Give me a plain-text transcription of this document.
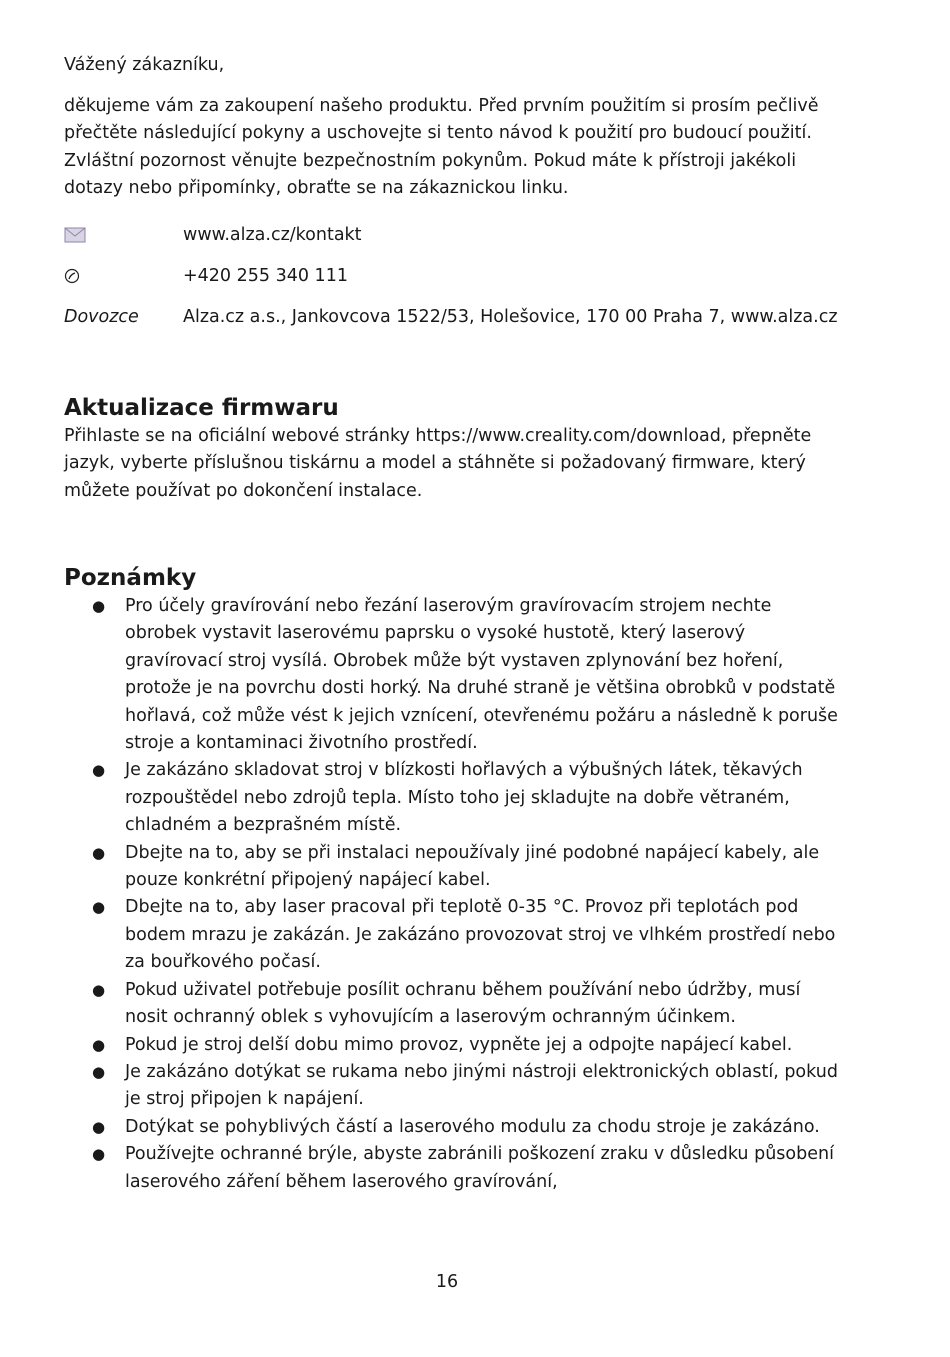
Vážený zákazníku,

děkujeme vám za zakoupení našeho produktu. Před prvním použitím si prosím pečlivě přečtěte následující pokyny a uschovejte si tento návod k použití pro budoucí použití. Zvláštní pozornost věnujte bezpečnostním pokynům. Pokud máte k přístroji jakékoli dotazy nebo připomínky, obraťte se na zákaznickou linku.

www.alza.cz/kontakt
+420 255 340 111
Dovozce	Alza.cz a.s., Jankovcova 1522/53, Holešovice, 170 00 Praha 7, www.alza.cz
Aktualizace firmwaru

Přihlaste se na oficiální webové stránky https://www.creality.com/download, přepněte jazyk, vyberte příslušnou tiskárnu a model a stáhněte si požadovaný firmware, který můžete používat po dokončení instalace.

Poznámky
● Pro účely gravírování nebo řezání laserovým gravírovacím strojem nechte obrobek vystavit laserovému paprsku o vysoké hustotě, který laserový gravírovací stroj vysílá. Obrobek může být vystaven zplynování bez hoření, protože je na povrchu dosti horký. Na druhé straně je většina obrobků v podstatě hořlavá, což může vést k jejich vznícení, otevřenému požáru a následně k poruše stroje a kontaminaci životního prostředí.
● Je zakázáno skladovat stroj v blízkosti hořlavých a výbušných látek, těkavých rozpouštědel nebo zdrojů tepla. Místo toho jej skladujte na dobře větraném, chladném a bezprašném místě.
● Dbejte na to, aby se při instalaci nepoužívaly jiné podobné napájecí kabely, ale pouze konkrétní připojený napájecí kabel.
● Dbejte na to, aby laser pracoval při teplotě 0-35 °C. Provoz při teplotách pod bodem mrazu je zakázán. Je zakázáno provozovat stroj ve vlhkém prostředí nebo za bouřkového počasí.
● Pokud uživatel potřebuje posílit ochranu během používání nebo údržby, musí nosit ochranný oblek s vyhovujícím a laserovým ochranným účinkem.
● Pokud je stroj delší dobu mimo provoz, vypněte jej a odpojte napájecí kabel.
● Je zakázáno dotýkat se rukama nebo jinými nástroji elektronických oblastí, pokud je stroj připojen k napájení.
● Dotýkat se pohyblivých částí a laserového modulu za chodu stroje je zakázáno.
● Používejte ochranné brýle, abyste zabránili poškození zraku v důsledku působení laserového záření během laserového gravírování,
16
